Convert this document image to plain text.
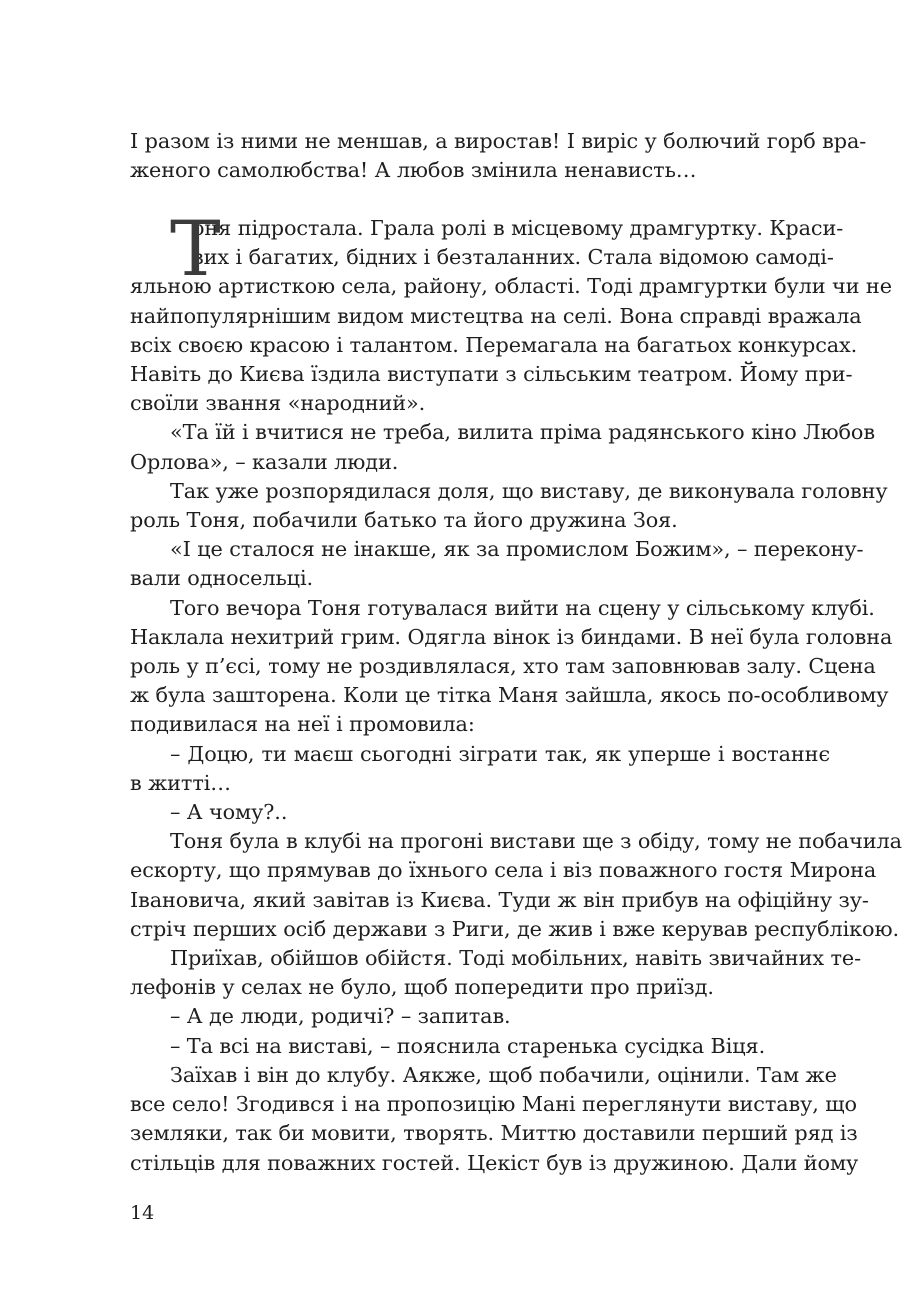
І разом із ними не меншав, а виростав! І виріс у болючий горб вра-
женого самолюбства! А любов змінила ненависть…
Т
оня підростала. Грала ролі в місцевому драмгуртку. Краси-
вих і багатих, бідних і безталанних. Стала відомою самоді-
яльною артисткою села, району, області. Тоді драмгуртки були чи не
найпопулярнішим видом мистецтва на селі. Вона справді вражала
всіх своєю красою і талантом. Перемагала на багатьох конкурсах.
Навіть до Києва їздила виступати з сільським театром. Йому при-
своїли звання «народний».
«Та їй і вчитися не треба, вилита пріма радянського кіно Любов
Орлова», – казали люди.
Так уже розпорядилася доля, що виставу, де виконувала головну
роль Тоня, побачили батько та його дружина Зоя.
«І це сталося не інакше, як за промислом Божим», – перекону-
вали односельці.
Того вечора Тоня готувалася вийти на сцену у сільському клубі.
Наклала нехитрий грим. Одягла вінок із биндами. В неї була головна
роль у п’єсі, тому не роздивлялася, хто там заповнював залу. Сцена
ж була зашторена. Коли це тітка Маня зайшла, якось по-особливому
подивилася на неї і промовила:
– Доцю, ти маєш сьогодні зіграти так, як уперше і востаннє
в житті…
– А чому?..
Тоня була в клубі на прогоні вистави ще з обіду, тому не побачила
ескорту, що прямував до їхнього села і віз поважного гостя Мирона
Івановича, який завітав із Києва. Туди ж він прибув на офіційну зу-
стріч перших осіб держави з Риги, де жив і вже керував республікою.
Приїхав, обійшов обійстя. Тоді мобільних, навіть звичайних те-
лефонів у селах не було, щоб попередити про приїзд.
– А де люди, родичі? – запитав.
– Та всі на виставі, – пояснила старенька сусідка Віця.
Заїхав і він до клубу. Аякже, щоб побачили, оцінили. Там же
все село! Згодився і на пропозицію Мані переглянути виставу, що
земляки, так би мовити, творять. Миттю доставили перший ряд із
стільців для поважних гостей. Цекіст був із дружиною. Дали йому
14
